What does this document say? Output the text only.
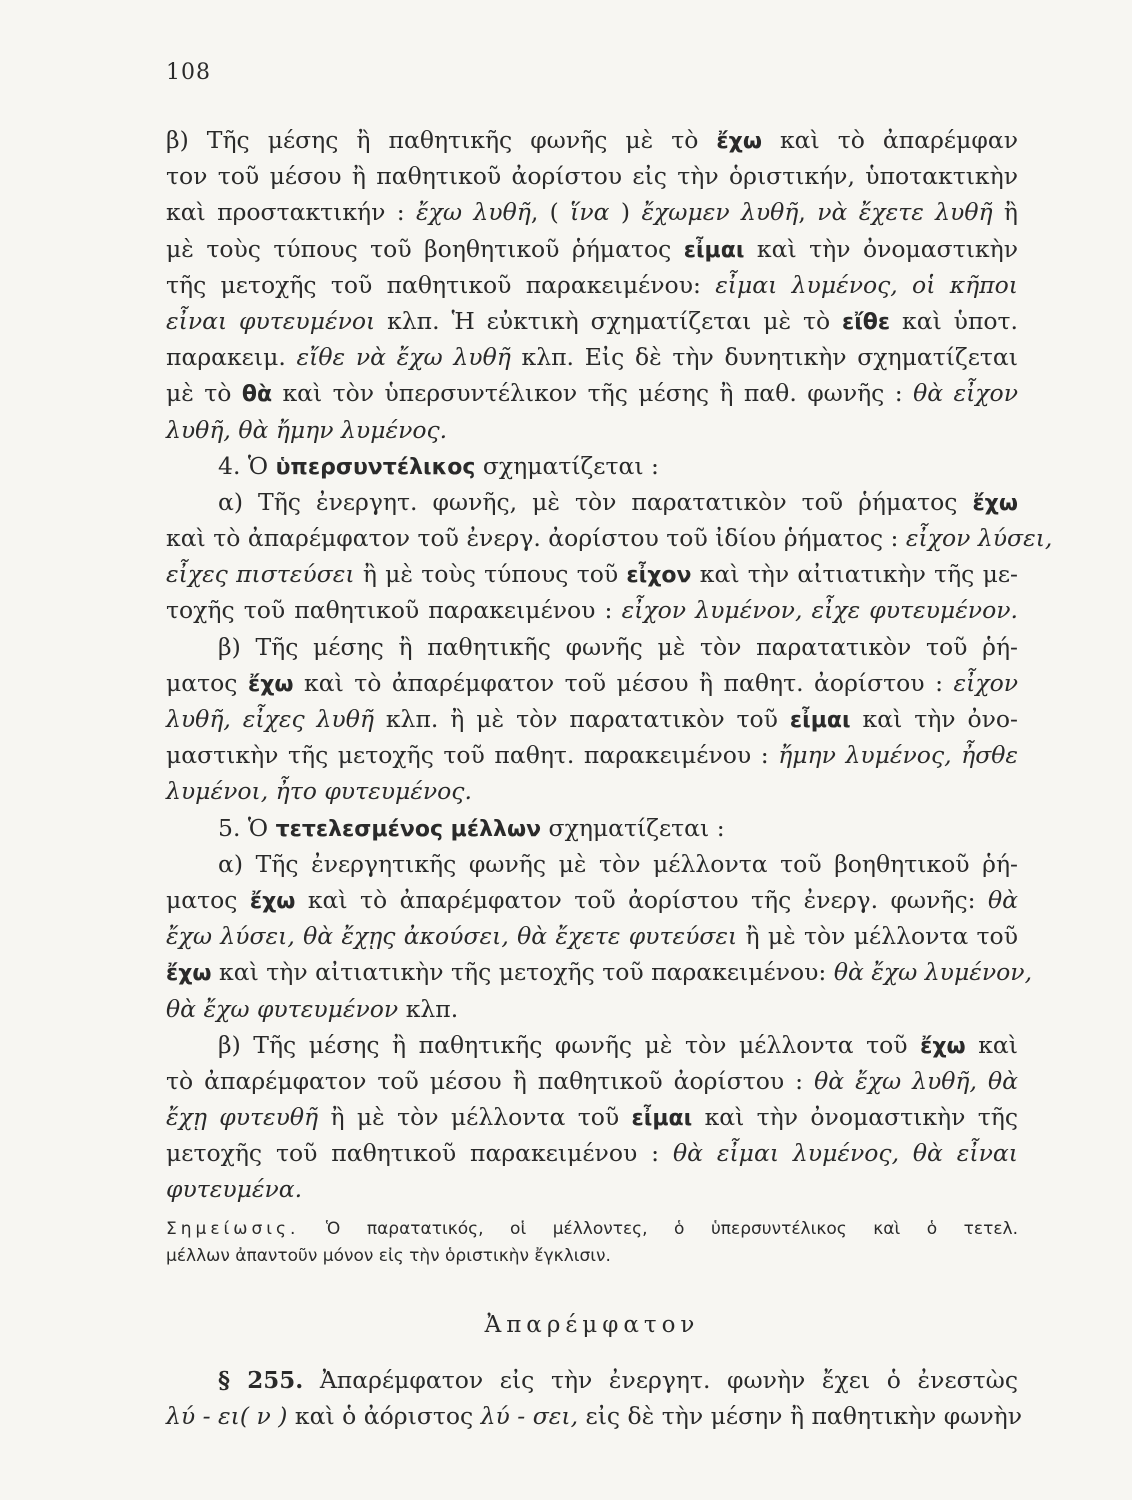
108
β) Τῆς μέσης ἢ παθητικῆς φωνῆς μὲ τὸ ἔχω καὶ τὸ ἀπαρέμφαν
τον τοῦ μέσου ἢ παθητικοῦ ἀορίστου εἰς τὴν ὁριστικήν, ὑποτακτικὴν
καὶ προστακτικήν : ἔχω λυθῆ, ( ἵνα ) ἔχωμεν λυθῆ, νὰ ἔχετε λυθῆ ἢ
μὲ τοὺς τύπους τοῦ βοηθητικοῦ ῥήματος εἶμαι καὶ τὴν ὀνομαστικὴν
τῆς μετοχῆς τοῦ παθητικοῦ παρακειμένου: εἶμαι λυμένος, οἱ κῆποι
εἶναι φυτευμένοι κλπ. Ἡ εὐκτικὴ σχηματίζεται μὲ τὸ εἴθε καὶ ὑποτ.
παρακειμ. εἴθε νὰ ἔχω λυθῆ κλπ. Εἰς δὲ τὴν δυνητικὴν σχηματίζεται
μὲ τὸ θὰ καὶ τὸν ὑπερσυντέλικον τῆς μέσης ἢ παθ. φωνῆς : θὰ εἶχον
λυθῆ, θὰ ἤμην λυμένος.
4. Ὁ ὑπερσυντέλικος σχηματίζεται :
α) Τῆς ἐνεργητ. φωνῆς, μὲ τὸν παρατατικὸν τοῦ ῥήματος ἔχω
καὶ τὸ ἀπαρέμφατον τοῦ ἐνεργ. ἀορίστου τοῦ ἰδίου ῥήματος : εἶχον λύσει,
εἶχες πιστεύσει ἢ μὲ τοὺς τύπους τοῦ εἶχον καὶ τὴν αἰτιατικὴν τῆς με-
τοχῆς τοῦ παθητικοῦ παρακειμένου : εἶχον λυμένον, εἶχε φυτευμένον.
β) Τῆς μέσης ἢ παθητικῆς φωνῆς μὲ τὸν παρατατικὸν τοῦ ῥή-
ματος ἔχω καὶ τὸ ἀπαρέμφατον τοῦ μέσου ἢ παθητ. ἀορίστου : εἶχον
λυθῆ, εἶχες λυθῆ κλπ. ἢ μὲ τὸν παρατατικὸν τοῦ εἶμαι καὶ τὴν ὀνο-
μαστικὴν τῆς μετοχῆς τοῦ παθητ. παρακειμένου : ἤμην λυμένος, ἦσθε
λυμένοι, ἦτο φυτευμένος.
5. Ὁ τετελεσμένος μέλλων σχηματίζεται :
α) Τῆς ἐνεργητικῆς φωνῆς μὲ τὸν μέλλοντα τοῦ βοηθητικοῦ ῥή-
ματος ἔχω καὶ τὸ ἀπαρέμφατον τοῦ ἀορίστου τῆς ἐνεργ. φωνῆς: θὰ
ἔχω λύσει, θὰ ἔχῃς ἀκούσει, θὰ ἔχετε φυτεύσει ἢ μὲ τὸν μέλλοντα τοῦ
ἔχω καὶ τὴν αἰτιατικὴν τῆς μετοχῆς τοῦ παρακειμένου: θὰ ἔχω λυμένον,
θὰ ἔχω φυτευμένον κλπ.
β) Τῆς μέσης ἢ παθητικῆς φωνῆς μὲ τὸν μέλλοντα τοῦ ἔχω καὶ
τὸ ἀπαρέμφατον τοῦ μέσου ἢ παθητικοῦ ἀορίστου : θὰ ἔχω λυθῆ, θὰ
ἔχῃ φυτευθῆ ἢ μὲ τὸν μέλλοντα τοῦ εἶμαι καὶ τὴν ὀνομαστικὴν τῆς
μετοχῆς τοῦ παθητικοῦ παρακειμένου : θὰ εἶμαι λυμένος, θὰ εἶναι
φυτευμένα.
Σημείωσις. Ὁ παρατατικός, οἱ μέλλοντες, ὁ ὑπερσυντέλικος καὶ ὁ τετελ.
μέλλων ἀπαντοῦν μόνον εἰς τὴν ὁριστικὴν ἔγκλισιν.
Ἀπαρέμφατον
§ 255. Ἀπαρέμφατον εἰς τὴν ἐνεργητ. φωνὴν ἔχει ὁ ἐνεστὼς
λύ - ει( ν ) καὶ ὁ ἀόριστος λύ - σει, εἰς δὲ τὴν μέσην ἢ παθητικὴν φωνὴν
